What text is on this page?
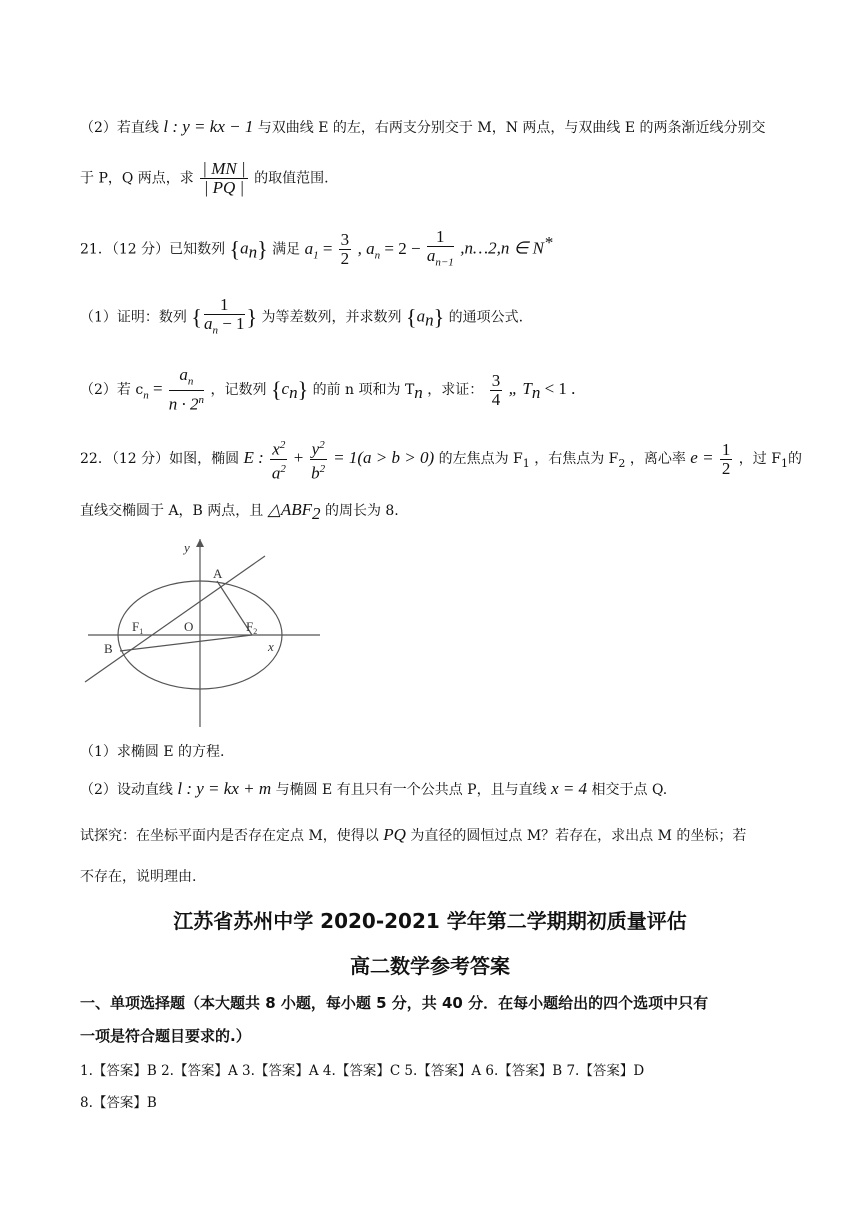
（2）若直线 l : y = kx − 1 与双曲线 E 的左，右两支分别交于 M，N 两点，与双曲线 E 的两条渐近线分别交
于 P，Q 两点，求 $\frac{| MN |}{| PQ |}$ 的取值范围.
21．（12 分）已知数列 $\{a_n\}$ 满足 $a_1 = \frac{3}{2}$ , $a_n = 2 - \frac{1}{a_{n-1}}$ ,n…2,n ∈ N*
（1）证明：数列 { $\frac{1}{a_n - 1}$ } 为等差数列，并求数列 $\{a_n\}$ 的通项公式.
（2）若 $c_n = \frac{a_n}{n \cdot 2^n}$ ，记数列 $\{c_n\}$ 的前 n 项和为 $T_n$ ，求证： $\frac{3}{4}$ „ $T_n < 1$ .
22．（12 分）如图，椭圆 E : $\frac{x^2}{a^2} + \frac{y^2}{b^2} = 1(a > b > 0)$ 的左焦点为 $F_1$ ，右焦点为 $F_2$ ，离心率 $e = \frac{1}{2}$ ，过 $F_1$的
直线交椭圆于 A，B 两点，且 $\triangle ABF_2$ 的周长为 8.
y
x
A
B
O
$F_1$	$F_2$
（1）求椭圆 E 的方程.
（2）设动直线 l : y = kx + m 与椭圆 E 有且只有一个公共点 P，且与直线 x = 4 相交于点 Q.
试探究：在坐标平面内是否存在定点 M，使得以 PQ 为直径的圆恒过点 M？若存在，求出点 M 的坐标；若
不存在，说明理由.
江苏省苏州中学 2020-2021 学年第二学期期初质量评估
高二数学参考答案
一、单项选择题（本大题共 8 小题，每小题 5 分，共 40 分．在每小题给出的四个选项中只有
一项是符合题目要求的.）
1.【答案】B 2.【答案】A 3.【答案】A 4.【答案】C 5.【答案】A 6.【答案】B 7.【答案】D
8.【答案】B
